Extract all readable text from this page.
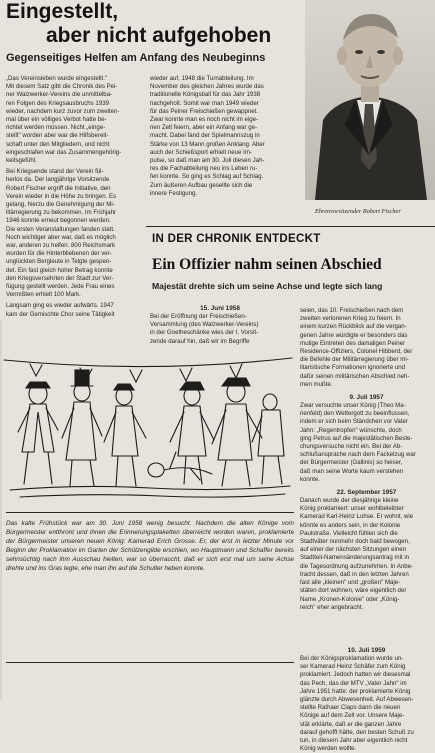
Eingestellt,
aber nicht aufgehoben
Gegenseitiges Helfen am Anfang des Neubeginns
„Das Vereinsleben wurde eingestellt."
Mit diesem Satz gibt die Chronik des Pei-
ner Walzwerker-Vereins die unmittelba-
ren Folgen des Kriegsausbruchs 1939
wieder, nachdem kurz zuvor zum zweiten-
mal über ein völliges Verbot hatte be-
richtet werden müssen. Nicht „einge-
stellt" worden aber war die Hilfsbereit-
schaft unter den Mitgliedern, und nicht
eingeschlafen war das Zusammengehörig-
keitsgefühl.
Bei Kriegsende stand der Verein fül-
herlos da. Der langjährige Vorsitzende
Robert Fischer ergriff die Initiative, den
Verein wieder in die Höhe zu bringen. Es
gelang, hierzu die Genehmigung der Mi-
litärregierung zu bekommen. Im Frühjahr
1946 konnte erneut begonnen werden.
Die ersten Veranstaltungen fanden statt.
Noch wichtiger aber war, daß es möglich
war, anderen zu helfen. 800 Reichsmark
wurden für die Hinterbliebenen der ver-
unglückten Bergleute in Telgte gespen-
det. Ein fast gleich hoher Betrag konnte
den Kriegsversehrten der Stadt zur Ver-
fügung gestellt werden. Jede Frau eines
Vermißten erhielt 100 Mark.
Langsam ging es wieder aufwärts. 1947
kam der Gemischte Chor seine Tätigkeit
wieder auf, 1948 die Turnabteilung. Im
November des gleichen Jahres wurde das
traditionelle Königsball für das Jahr 1938
nachgeholt. Somit war man 1949 wieder
für das Peiner Freischießen gewappnet.
Zwar konnte man es noch nicht im eige-
nen Zelt feiern, aber ein Anfang war ge-
macht. Dabei fand der Spielmannszug in
Stärke von 13 Mann großen Anklang. Aber
auch der Schießsport erhielt neue Im-
pulse, so daß man am 30. Juli diesen Jah-
res die Fachabteilung neu ins Leben ru-
fen konnte. So ging es Schlag auf Schlag.
Zum äußeren Aufbau gesellte sich die
innere Festigung.
Ehrenvorsitzender Robert Fischer
IN DER CHRONIK ENTDECKT
Ein Offizier nahm seinen Abschied
Majestät drehte sich um seine Achse und legte sich lang
15. Juni 1958
Bei der Eröffnung der Freischießen-
Versammlung (des Walzwerker-Vereins)
in der Goetheschänke wies der I. Vorsit-
zende darauf hin, daß wir im Begriffe
seien, das 10. Freischießen nach dem
zweiten verlorenen Krieg zu feiern. In
einem kurzen Rückblick auf die vergan-
genen Jahre würdigte er besonders das
mutige Eintreten des damaligen Peiner
Residence-Offiziers, Colonel Hibberd, der
die Befehle der Militärregierung über mi-
litaristische Formationen ignorierte und
dafür seinen militärischen Abschied neh-
men mußte.
9. Juli 1957
Zwar versuchte unser König (Theo Ma-
rienfeld) den Wettergott zu beeinflussen,
indem er sich beim Ständchen vor Vater
Jahn: „Regentropfen" wünschte, doch
ging Petrus auf die majestätischen Beste-
chungsversuche nicht ein. Bei der Ab-
schlußansprache nach dem Fackelzug war
der Bürgermeister (Gallinis) so heiser,
daß man seine Worte kaum verstehen
konnte.
22. September 1957
Danach wurde der diesjährige kleine
König proklamiert: unser wohlbeleibter
Kamerad Karl-Heinz Lohse. Er wohnt, wie
könnte es anders sein, in der Kolonie
Paulstraße. Vielleicht fühlen sich die
Stadtväter nunmehr doch bald bewogen,
auf einer der nächsten Sitzungen einen
Stadtteil-Namensänderungsantrag mit in
die Tagesordnung aufzunehmen. In Anbe-
tracht dessen, daß in den letzten Jahren
fast alle „kleinen" und „großen" Maje-
stäten dort wohnen, wäre eigentlich der
Name „Kronen-Kolonie" oder „König-
reich" eher angebracht.
10. Juli 1959
Bei der Königsproklamation wurde un-
ser Kamerad Heinz Schäfer zum König
proklamiert. Jedoch hatten wir diesesmal
das Pech, das der MTV „Vater Jahn" im
Jahre 1951 hatte: der proklamierte König
glänzte durch Abwesenheit. Auf Abwesen-
stellte Rathaer Claps dann die neuen
Könige auf dem Zelt vor. Unsere Maje-
stät erklärte, daß er die ganzen Jahre
darauf gehofft hätte, den besten Schuß zu
tun, in diesem Jahr aber eigentlich nicht
König werden wollte.
Das kalte Frühstück war am 30. Juni 1958 wenig besucht. Nachdem die alten Könige vom Bürgermeister entthront und ihnen die Erinnerungsplaketten überreicht worden waren, proklamierte der Bürgermeister unseren neuen König: Kamerad Erich Grosse. Er, der erst in letzter Minute vor Beginn der Proklamation im Garten der Schützengilde erschien, wo Hauptmann und Schaffer bereits sehnsüchtig nach ihm Ausschau hielten, war so überrascht, daß er sich erst mal um seine Achse drehte und ins Gras legte, ehe man ihn auf die Schulter heben konnte.
